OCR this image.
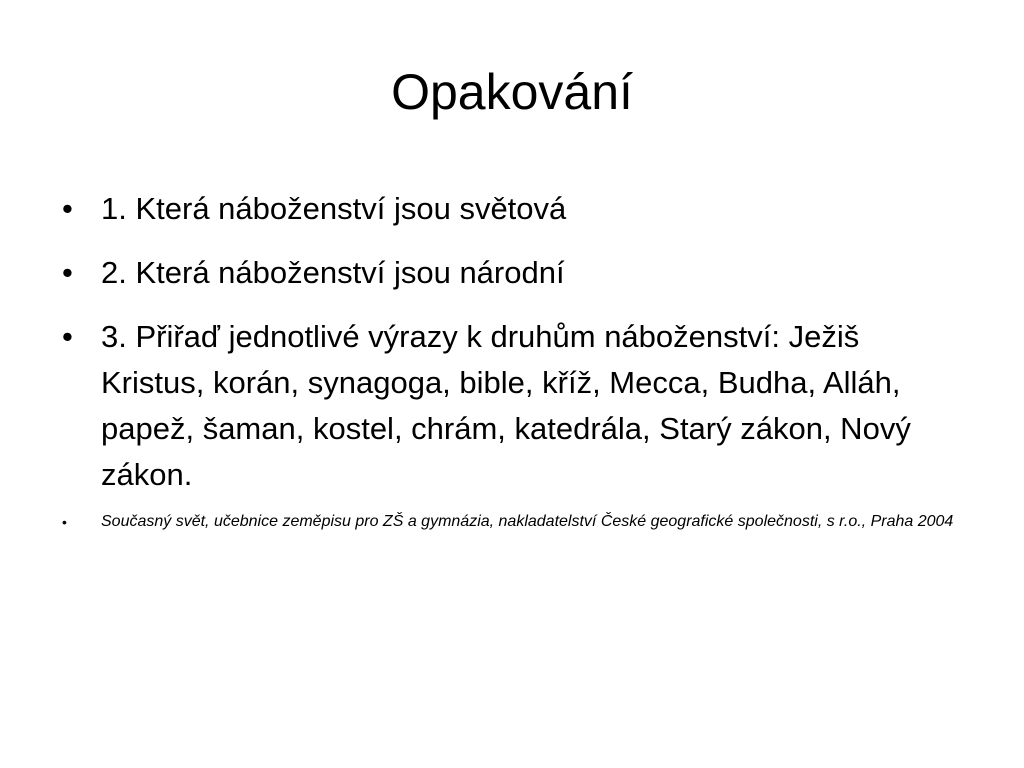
Opakování
• 1. Která náboženství jsou světová
• 2. Která náboženství jsou národní
• 3. Přiřaď jednotlivé výrazy k druhům náboženství: Ježiš Kristus, korán, synagoga, bible, kříž, Mecca, Budha, Alláh, papež, šaman, kostel, chrám, katedrála, Starý zákon, Nový zákon.
• Současný svět, učebnice zeměpisu pro ZŠ a gymnázia, nakladatelství České geografické společnosti, s r.o., Praha 2004
